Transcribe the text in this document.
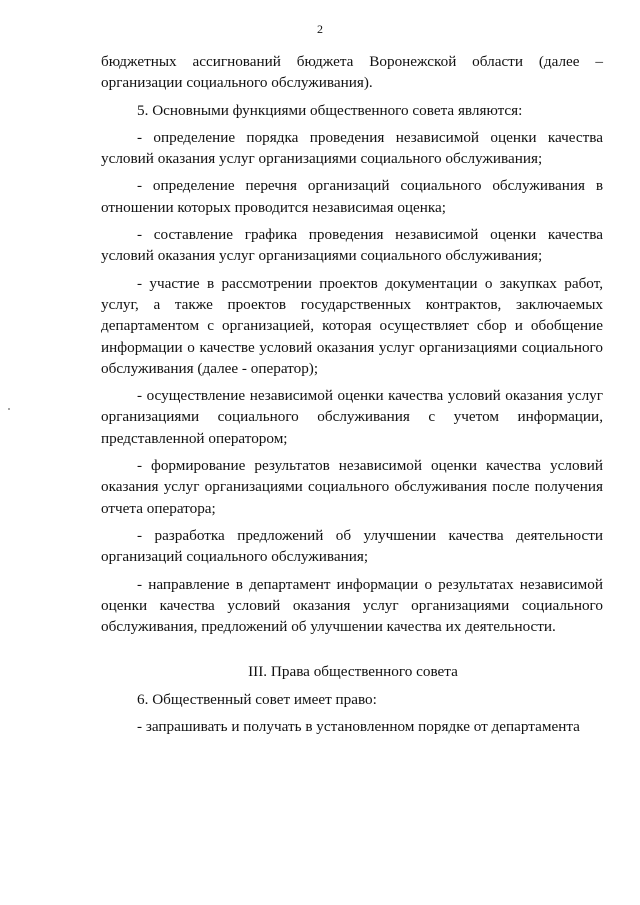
2

бюджетных ассигнований бюджета Воронежской области (далее – организации социального обслуживания).

5. Основными функциями общественного совета являются:

- определение порядка проведения независимой оценки качества условий оказания услуг организациями социального обслуживания;

- определение перечня организаций социального обслуживания в отношении которых проводится независимая оценка;

- составление графика проведения независимой оценки качества условий оказания услуг организациями социального обслуживания;

- участие в рассмотрении проектов документации о закупках работ, услуг, а также проектов государственных контрактов, заключаемых департаментом с организацией, которая осуществляет сбор и обобщение информации о качестве условий оказания услуг организациями социального обслуживания (далее - оператор);

- осуществление независимой оценки качества условий оказания услуг организациями социального обслуживания с учетом информации, представленной оператором;

- формирование результатов независимой оценки качества условий оказания услуг организациями социального обслуживания после получения отчета оператора;

- разработка предложений об улучшении качества деятельности организаций социального обслуживания;

- направление в департамент информации о результатах независимой оценки качества условий оказания услуг организациями социального обслуживания, предложений об улучшении качества их деятельности.

III. Права общественного совета

6. Общественный совет имеет право:

- запрашивать и получать в установленном порядке от департамента
